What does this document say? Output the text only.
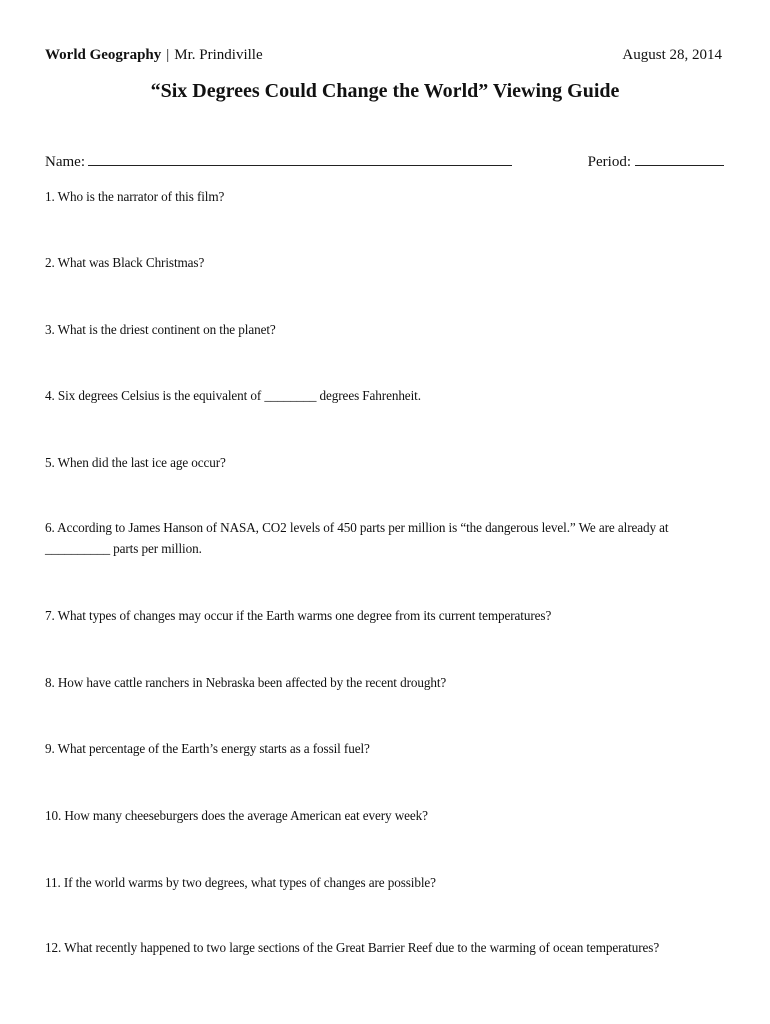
World Geography | Mr. Prindiville	August 28, 2014
“Six Degrees Could Change the World” Viewing Guide
Name:	Period:
1. Who is the narrator of this film?
2. What was Black Christmas?
3. What is the driest continent on the planet?
4. Six degrees Celsius is the equivalent of ________ degrees Fahrenheit.
5. When did the last ice age occur?
6. According to James Hanson of NASA, CO2 levels of 450 parts per million is “the dangerous level.” We are already at __________ parts per million.
7. What types of changes may occur if the Earth warms one degree from its current temperatures?
8. How have cattle ranchers in Nebraska been affected by the recent drought?
9. What percentage of the Earth’s energy starts as a fossil fuel?
10. How many cheeseburgers does the average American eat every week?
11. If the world warms by two degrees, what types of changes are possible?
12. What recently happened to two large sections of the Great Barrier Reef due to the warming of ocean temperatures?
